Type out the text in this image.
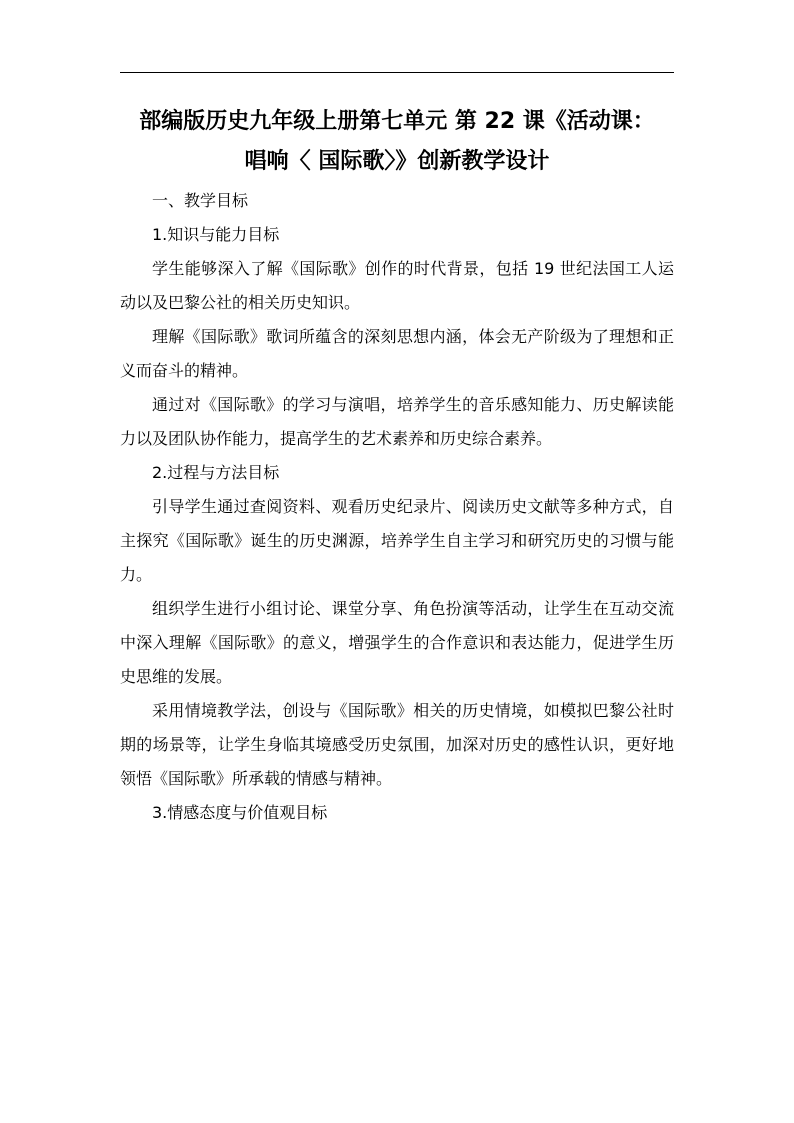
部编版历史九年级上册第七单元 第 22 课《活动课：
唱响〈 国际歌〉》创新教学设计

一、教学目标

1.知识与能力目标

学生能够深入了解《国际歌》创作的时代背景，包括 19 世纪法国工人运动以及巴黎公社的相关历史知识。

理解《国际歌》歌词所蕴含的深刻思想内涵，体会无产阶级为了理想和正义而奋斗的精神。

通过对《国际歌》的学习与演唱，培养学生的音乐感知能力、历史解读能力以及团队协作能力，提高学生的艺术素养和历史综合素养。

2.过程与方法目标

引导学生通过查阅资料、观看历史纪录片、阅读历史文献等多种方式，自主探究《国际歌》诞生的历史渊源，培养学生自主学习和研究历史的习惯与能力。

组织学生进行小组讨论、课堂分享、角色扮演等活动，让学生在互动交流中深入理解《国际歌》的意义，增强学生的合作意识和表达能力，促进学生历史思维的发展。

采用情境教学法，创设与《国际歌》相关的历史情境，如模拟巴黎公社时期的场景等，让学生身临其境感受历史氛围，加深对历史的感性认识，更好地领悟《国际歌》所承载的情感与精神。

3.情感态度与价值观目标
